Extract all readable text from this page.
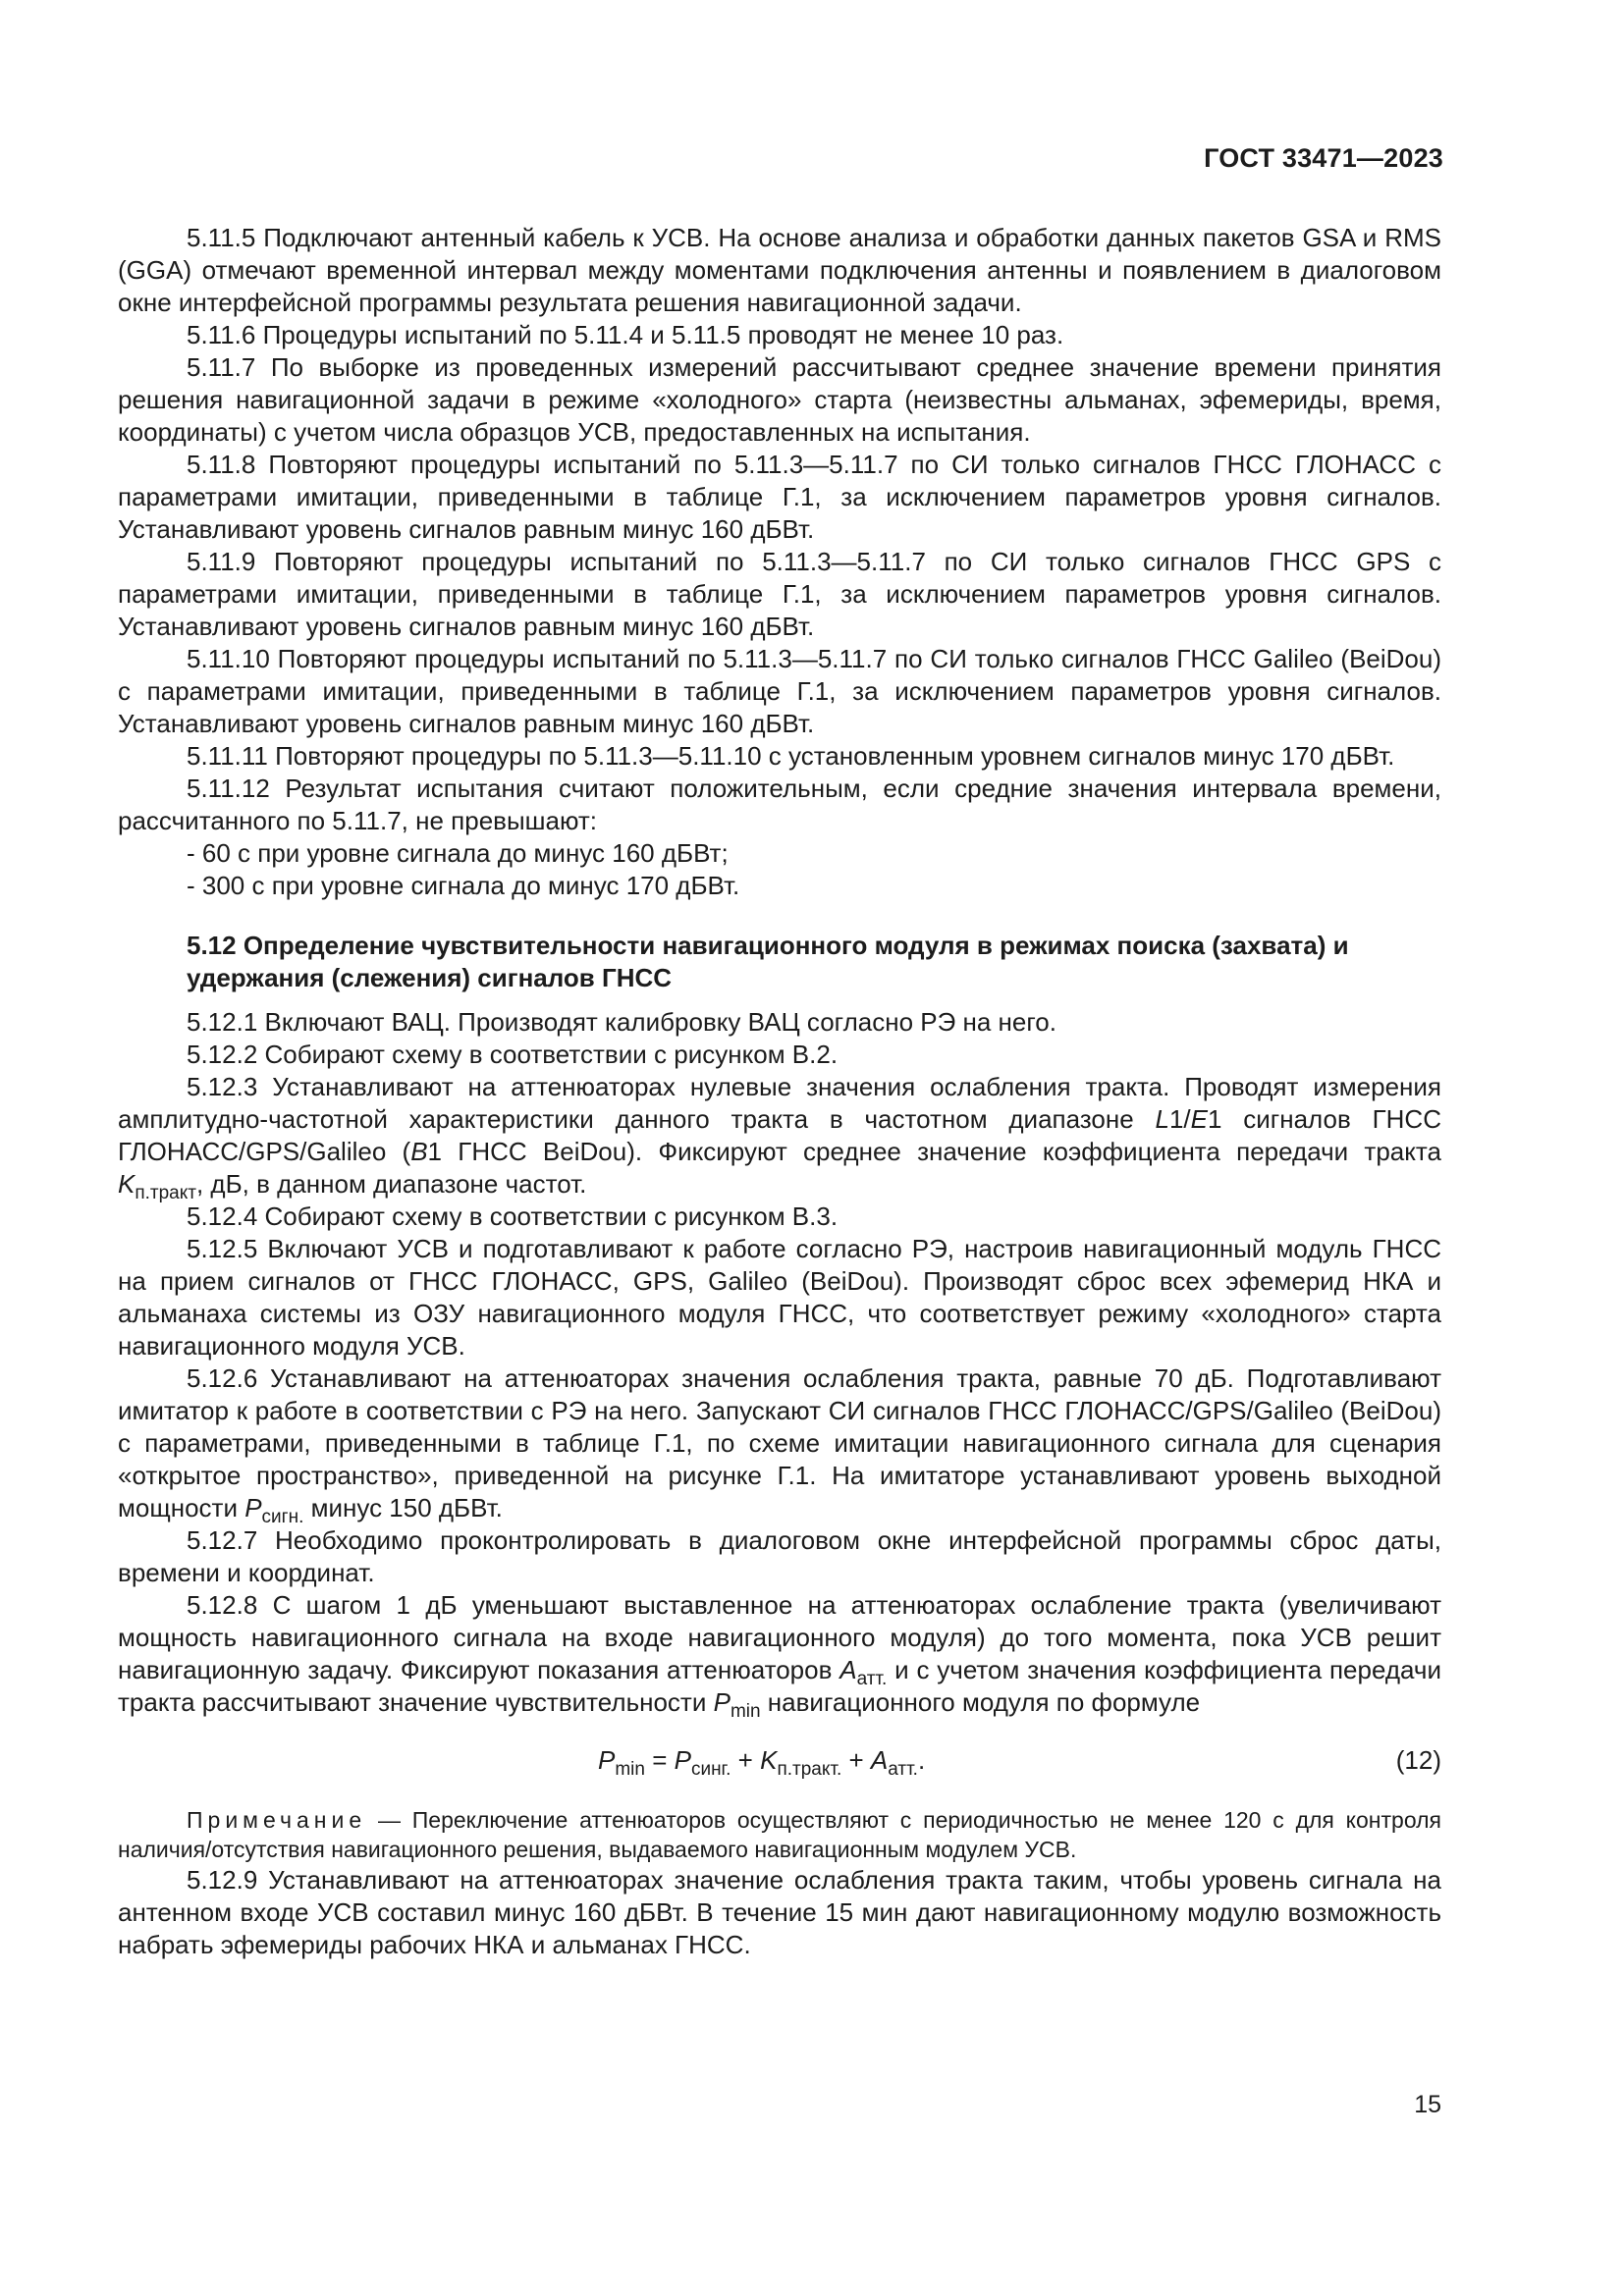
ГОСТ 33471—2023

5.11.5 Подключают антенный кабель к УСВ. На основе анализа и обработки данных пакетов GSA и RMS (GGA) отмечают временной интервал между моментами подключения антенны и появлением в диалоговом окне интерфейсной программы результата решения навигационной задачи.

5.11.6 Процедуры испытаний по 5.11.4 и 5.11.5 проводят не менее 10 раз.

5.11.7 По выборке из проведенных измерений рассчитывают среднее значение времени принятия решения навигационной задачи в режиме «холодного» старта (неизвестны альманах, эфемериды, время, координаты) с учетом числа образцов УСВ, предоставленных на испытания.

5.11.8 Повторяют процедуры испытаний по 5.11.3—5.11.7 по СИ только сигналов ГНСС ГЛОНАСС с параметрами имитации, приведенными в таблице Г.1, за исключением параметров уровня сигналов. Устанавливают уровень сигналов равным минус 160 дБВт.

5.11.9 Повторяют процедуры испытаний по 5.11.3—5.11.7 по СИ только сигналов ГНСС GPS с параметрами имитации, приведенными в таблице Г.1, за исключением параметров уровня сигналов. Устанавливают уровень сигналов равным минус 160 дБВт.

5.11.10 Повторяют процедуры испытаний по 5.11.3—5.11.7 по СИ только сигналов ГНСС Galileo (BeiDou) с параметрами имитации, приведенными в таблице Г.1, за исключением параметров уровня сигналов. Устанавливают уровень сигналов равным минус 160 дБВт.

5.11.11 Повторяют процедуры по 5.11.3—5.11.10 с установленным уровнем сигналов минус 170 дБВт.

5.11.12 Результат испытания считают положительным, если средние значения интервала времени, рассчитанного по 5.11.7, не превышают:

- 60 с при уровне сигнала до минус 160 дБВт;

- 300 с при уровне сигнала до минус 170 дБВт.

5.12 Определение чувствительности навигационного модуля в режимах поиска (захвата) и удержания (слежения) сигналов ГНСС

5.12.1 Включают ВАЦ. Производят калибровку ВАЦ согласно РЭ на него.

5.12.2 Собирают схему в соответствии с рисунком В.2.

5.12.3 Устанавливают на аттенюаторах нулевые значения ослабления тракта. Проводят измерения амплитудно-частотной характеристики данного тракта в частотном диапазоне L1/E1 сигналов ГНСС ГЛОНАСС/GPS/Galileo (B1 ГНСС BeiDou). Фиксируют среднее значение коэффициента передачи тракта $K_{п.тракт}$, дБ, в данном диапазоне частот.

5.12.4 Собирают схему в соответствии с рисунком В.3.

5.12.5 Включают УСВ и подготавливают к работе согласно РЭ, настроив навигационный модуль ГНСС на прием сигналов от ГНСС ГЛОНАСС, GPS, Galileo (BeiDou). Производят сброс всех эфемерид НКА и альманаха системы из ОЗУ навигационного модуля ГНСС, что соответствует режиму «холодного» старта навигационного модуля УСВ.

5.12.6 Устанавливают на аттенюаторах значения ослабления тракта, равные 70 дБ. Подготавливают имитатор к работе в соответствии с РЭ на него. Запускают СИ сигналов ГНСС ГЛОНАСС/GPS/Galileo (BeiDou) с параметрами, приведенными в таблице Г.1, по схеме имитации навигационного сигнала для сценария «открытое пространство», приведенной на рисунке Г.1. На имитаторе устанавливают уровень выходной мощности $P_{сигн.}$ минус 150 дБВт.

5.12.7 Необходимо проконтролировать в диалоговом окне интерфейсной программы сброс даты, времени и координат.

5.12.8 С шагом 1 дБ уменьшают выставленное на аттенюаторах ослабление тракта (увеличивают мощность навигационного сигнала на входе навигационного модуля) до того момента, пока УСВ решит навигационную задачу. Фиксируют показания аттенюаторов $A_{атт.}$ и с учетом значения коэффициента передачи тракта рассчитывают значение чувствительности $P_{min}$ навигационного модуля по формуле

$P_{min} = P_{синг.} + K_{п.тракт.} + A_{атт.}$.	(12)

Примечание — Переключение аттенюаторов осуществляют с периодичностью не менее 120 с для контроля наличия/отсутствия навигационного решения, выдаваемого навигационным модулем УСВ.

5.12.9 Устанавливают на аттенюаторах значение ослабления тракта таким, чтобы уровень сигнала на антенном входе УСВ составил минус 160 дБВт. В течение 15 мин дают навигационному модулю возможность набрать эфемериды рабочих НКА и альманах ГНСС.

15
